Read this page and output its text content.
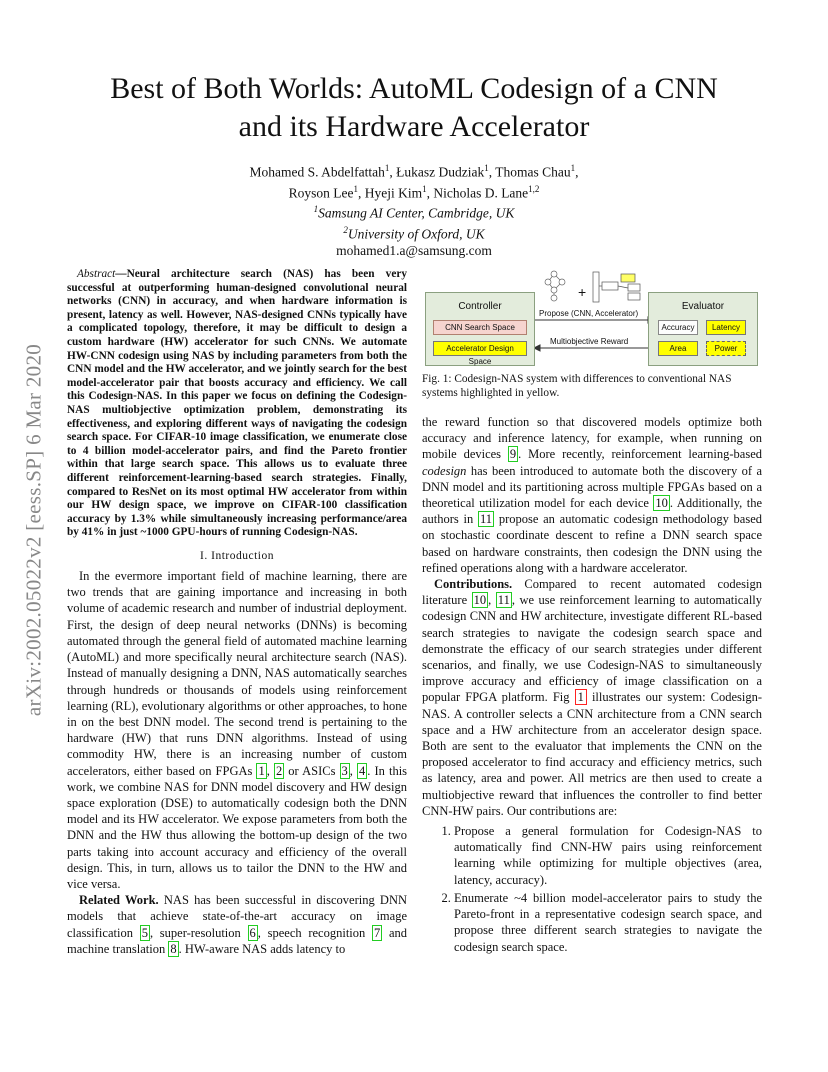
arXiv:2002.05022v2 [eess.SP] 6 Mar 2020
Best of Both Worlds: AutoML Codesign of a CNN
and its Hardware Accelerator
Mohamed S. Abdelfattah$^1$, Łukasz Dudziak$^1$, Thomas Chau$^1$,
Royson Lee$^1$, Hyeji Kim$^1$, Nicholas D. Lane$^{1,2}$
$^1$Samsung AI Center, Cambridge, UK
$^2$University of Oxford, UK
mohamed1.a@samsung.com

Abstract—Neural architecture search (NAS) has been very successful at outperforming human-designed convolutional neural networks (CNN) in accuracy, and when hardware information is present, latency as well. However, NAS-designed CNNs typically have a complicated topology, therefore, it may be difficult to design a custom hardware (HW) accelerator for such CNNs. We automate HW-CNN codesign using NAS by including parameters from both the CNN model and the HW accelerator, and we jointly search for the best model-accelerator pair that boosts accuracy and efficiency. We call this Codesign-NAS. In this paper we focus on defining the Codesign-NAS multiobjective optimization problem, demonstrating its effectiveness, and exploring different ways of navigating the codesign search space. For CIFAR-10 image classification, we enumerate close to 4 billion model-accelerator pairs, and find the Pareto frontier within that large search space. This allows us to evaluate three different reinforcement-learning-based search strategies. Finally, compared to ResNet on its most optimal HW accelerator from within our HW design space, we improve on CIFAR-100 classification accuracy by 1.3% while simultaneously increasing performance/area by 41% in just ~1000 GPU-hours of running Codesign-NAS.

I. Introduction

In the evermore important field of machine learning, there are two trends that are gaining importance and increasing in both volume of academic research and number of industrial deployment. First, the design of deep neural networks (DNNs) is becoming automated through the general field of automated machine learning (AutoML) and more specifically neural architecture search (NAS). Instead of manually designing a DNN, NAS automatically searches through hundreds or thousands of models using reinforcement learning (RL), evolutionary algorithms or other approaches, to hone in on the best DNN model. The second trend is pertaining to the hardware (HW) that runs DNN algorithms. Instead of using commodity HW, there is an increasing number of custom accelerators, either based on FPGAs 1 , 2 or ASICs 3 , 4 . In this work, we combine NAS for DNN model discovery and HW design space exploration (DSE) to automatically codesign both the DNN model and its HW accelerator. We expose parameters from both the DNN and the HW thus allowing the bottom-up design of the two parts taking into account accuracy and efficiency of the overall design. This, in turn, allows us to tailor the DNN to the HW and vice versa.

Related Work. NAS has been successful in discovering DNN models that achieve state-of-the-art accuracy on image classification 5 , super-resolution 6 , speech recognition 7 and machine translation 8 . HW-aware NAS adds latency to

+
Controller
CNN Search Space
Accelerator Design Space
Evaluator
Accuracy	Latency
Area	Power
Propose (CNN, Accelerator)
Multiobjective Reward
Fig. 1: Codesign-NAS system with differences to conventional NAS systems highlighted in yellow.

the reward function so that discovered models optimize both accuracy and inference latency, for example, when running on mobile devices 9 . More recently, reinforcement learning-based codesign has been introduced to automate both the discovery of a DNN model and its partitioning across multiple FPGAs based on a theoretical utilization model for each device 10 . Additionally, the authors in 11 propose an automatic codesign methodology based on stochastic coordinate descent to refine a DNN search space based on hardware constraints, then codesign the DNN using the refined operations along with a hardware accelerator.

Contributions. Compared to recent automated codesign literature 10 , 11 , we use reinforcement learning to automatically codesign CNN and HW architecture, investigate different RL-based search strategies to navigate the codesign search space and demonstrate the efficacy of our search strategies under different scenarios, and finally, we use Codesign-NAS to simultaneously improve accuracy and efficiency of image classification on a popular FPGA platform. Fig 1 illustrates our system: Codesign-NAS. A controller selects a CNN architecture from a CNN search space and a HW architecture from an accelerator design space. Both are sent to the evaluator that implements the CNN on the proposed accelerator to find accuracy and efficiency metrics, such as latency, area and power. All metrics are then used to create a multiobjective reward that influences the controller to find better CNN-HW pairs. Our contributions are:

1. Propose a general formulation for Codesign-NAS to automatically find CNN-HW pairs using reinforcement learning while optimizing for multiple objectives (area, latency, accuracy).
2. Enumerate ~4 billion model-accelerator pairs to study the Pareto-front in a representative codesign search space, and propose three different search strategies to navigate the codesign search space.
